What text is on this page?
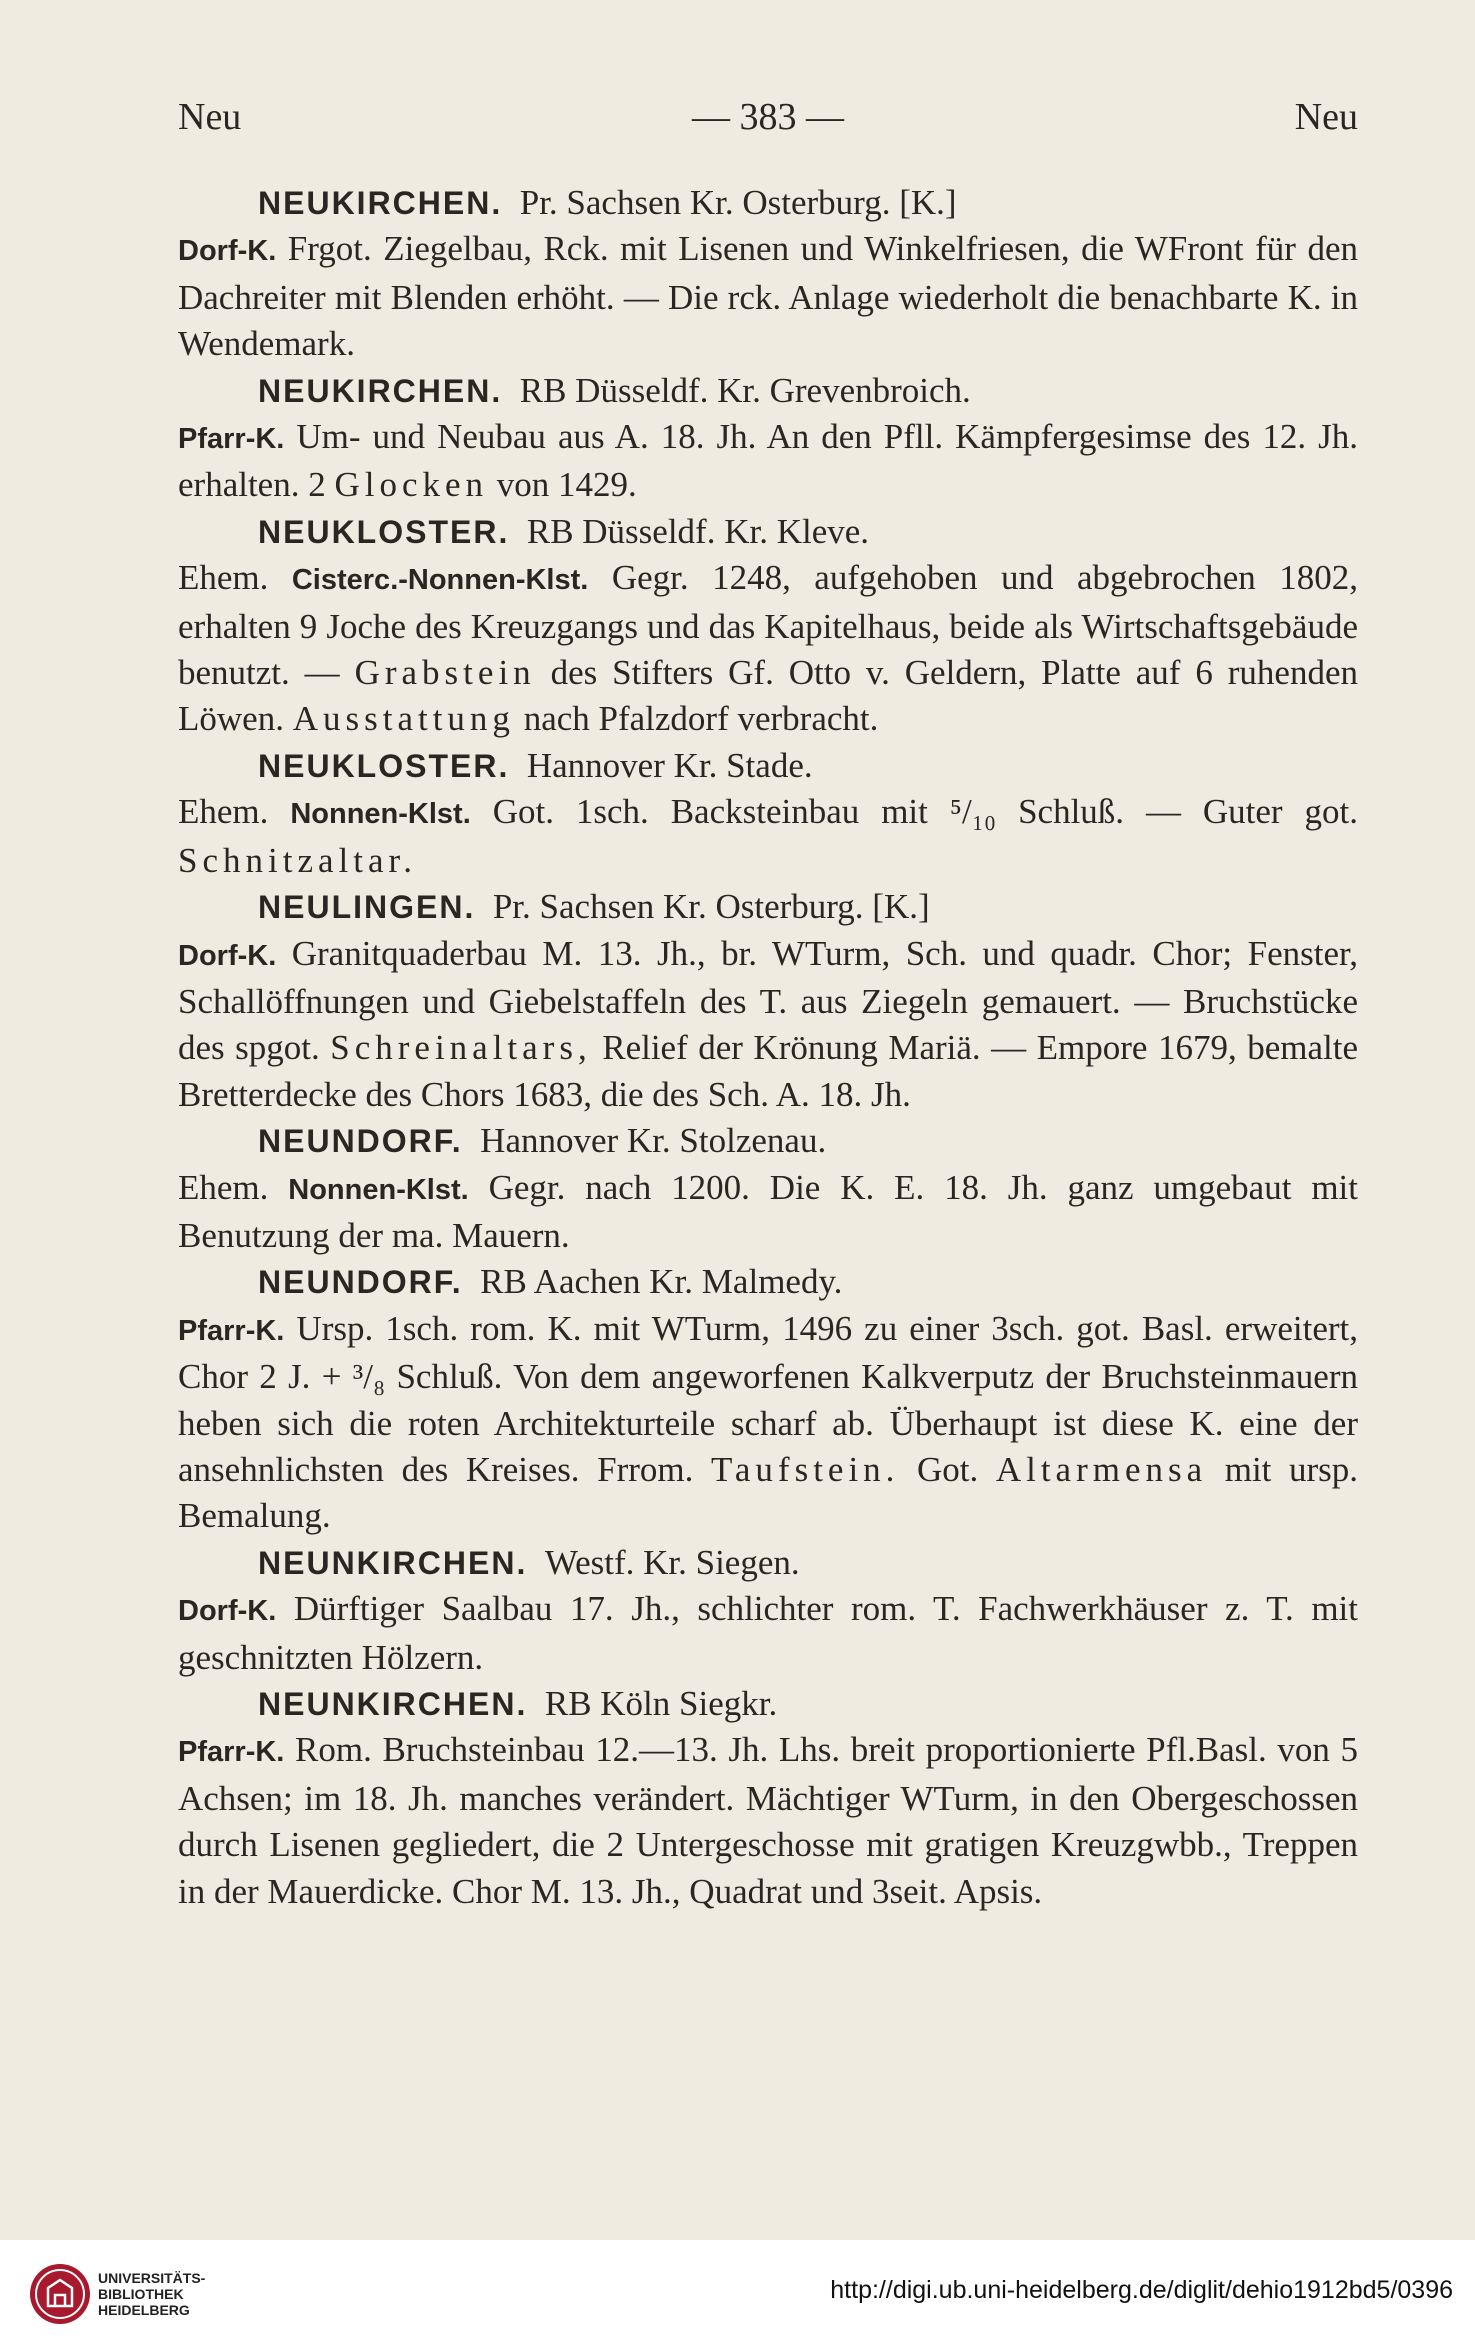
Neu	— 383 —	Neu
NEUKIRCHEN.  Pr. Sachsen Kr. Osterburg. [K.]
Dorf-K. Frgot. Ziegelbau, Rck. mit Lisenen und Winkelfriesen, die WFront für den Dachreiter mit Blenden erhöht. — Die rck. Anlage wiederholt die benachbarte K. in Wendemark.
NEUKIRCHEN.  RB Düsseldf. Kr. Grevenbroich.
Pfarr-K. Um- und Neubau aus A. 18. Jh. An den Pfll. Kämpfergesimse des 12. Jh. erhalten. 2 Glocken von 1429.
NEUKLOSTER.  RB Düsseldf. Kr. Kleve.
Ehem. Cisterc.-Nonnen-Klst. Gegr. 1248, aufgehoben und abgebrochen 1802, erhalten 9 Joche des Kreuzgangs und das Kapitelhaus, beide als Wirtschaftsgebäude benutzt. — Grabstein des Stifters Gf. Otto v. Geldern, Platte auf 6 ruhenden Löwen. Ausstattung nach Pfalzdorf verbracht.
NEUKLOSTER.  Hannover Kr. Stade.
Ehem. Nonnen-Klst. Got. 1sch. Backsteinbau mit ⁵/₁₀ Schluß. — Guter got. Schnitzaltar.
NEULINGEN.  Pr. Sachsen Kr. Osterburg. [K.]
Dorf-K. Granitquaderbau M. 13. Jh., br. WTurm, Sch. und quadr. Chor; Fenster, Schallöffnungen und Giebelstaffeln des T. aus Ziegeln gemauert. — Bruchstücke des spgot. Schreinaltars, Relief der Krönung Mariä. — Empore 1679, bemalte Bretterdecke des Chors 1683, die des Sch. A. 18. Jh.
NEUNDORF.  Hannover Kr. Stolzenau.
Ehem. Nonnen-Klst. Gegr. nach 1200. Die K. E. 18. Jh. ganz umgebaut mit Benutzung der ma. Mauern.
NEUNDORF.  RB Aachen Kr. Malmedy.
Pfarr-K. Ursp. 1sch. rom. K. mit WTurm, 1496 zu einer 3sch. got. Basl. erweitert, Chor 2 J. + ³/₈ Schluß. Von dem angeworfenen Kalkverputz der Bruchsteinmauern heben sich die roten Architekturteile scharf ab. Überhaupt ist diese K. eine der ansehnlichsten des Kreises. Frrom. Taufstein. Got. Altarmensa mit ursp. Bemalung.
NEUNKIRCHEN.  Westf. Kr. Siegen.
Dorf-K. Dürftiger Saalbau 17. Jh., schlichter rom. T. Fachwerkhäuser z. T. mit geschnitzten Hölzern.
NEUNKIRCHEN.  RB Köln Siegkr.
Pfarr-K. Rom. Bruchsteinbau 12.—13. Jh. Lhs. breit proportionierte Pfl.Basl. von 5 Achsen; im 18. Jh. manches verändert. Mächtiger WTurm, in den Obergeschossen durch Lisenen gegliedert, die 2 Untergeschosse mit gratigen Kreuzgwbb., Treppen in der Mauerdicke. Chor M. 13. Jh., Quadrat und 3seit. Apsis.
UNIVERSITÄTS-
BIBLIOTHEK
HEIDELBERG
http://digi.ub.uni-heidelberg.de/diglit/dehio1912bd5/0396
